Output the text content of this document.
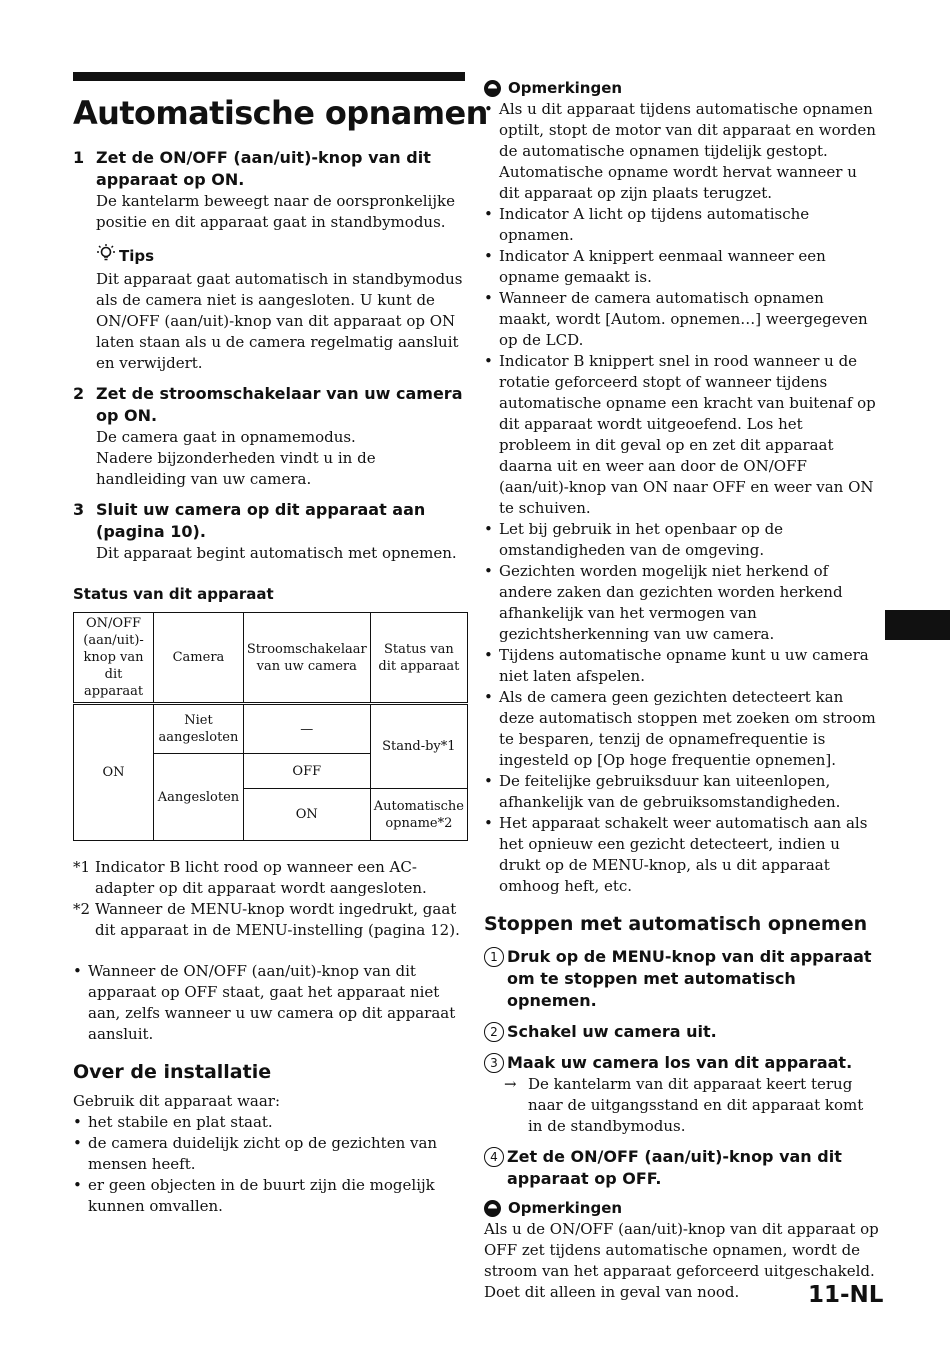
Automatische opnamen
1 Zet de ON/OFF (aan/uit)-knop van dit apparaat op ON.
De kantelarm beweegt naar de oorspronkelijke positie en dit apparaat gaat in standbymodus.
Tips
Dit apparaat gaat automatisch in standbymodus als de camera niet is aangesloten. U kunt de ON/OFF (aan/uit)-knop van dit apparaat op ON laten staan als u de camera regelmatig aansluit en verwijdert.
2 Zet de stroomschakelaar van uw camera op ON.
De camera gaat in opnamemodus.
Nadere bijzonderheden vindt u in de handleiding van uw camera.
3 Sluit uw camera op dit apparaat aan (pagina 10).
Dit apparaat begint automatisch met opnemen.
Status van dit apparaat
ON/OFF (aan/uit)-knop van dit apparaat	Camera	Stroomschakelaar van uw camera	Status van dit apparaat
ON	Niet aangesloten	—	Stand-by*1
	Aangesloten	OFF	
		ON	Automatische opname*2
*1 Indicator B licht rood op wanneer een AC-adapter op dit apparaat wordt aangesloten.
*2 Wanneer de MENU-knop wordt ingedrukt, gaat dit apparaat in de MENU-instelling (pagina 12).
• Wanneer de ON/OFF (aan/uit)-knop van dit apparaat op OFF staat, gaat het apparaat niet aan, zelfs wanneer u uw camera op dit apparaat aansluit.
Over de installatie
Gebruik dit apparaat waar:
• het stabile en plat staat.
• de camera duidelijk zicht op de gezichten van mensen heeft.
• er geen objecten in de buurt zijn die mogelijk kunnen omvallen.
Opmerkingen
• Als u dit apparaat tijdens automatische opnamen optilt, stopt de motor van dit apparaat en worden de automatische opnamen tijdelijk gestopt. Automatische opname wordt hervat wanneer u dit apparaat op zijn plaats terugzet.
• Indicator A licht op tijdens automatische opnamen.
• Indicator A knippert eenmaal wanneer een opname gemaakt is.
• Wanneer de camera automatisch opnamen maakt, wordt [Autom. opnemen…] weergegeven op de LCD.
• Indicator B knippert snel in rood wanneer u de rotatie geforceerd stopt of wanneer tijdens automatische opname een kracht van buitenaf op dit apparaat wordt uitgeoefend. Los het probleem in dit geval op en zet dit apparaat daarna uit en weer aan door de ON/OFF (aan/uit)-knop van ON naar OFF en weer van ON te schuiven.
• Let bij gebruik in het openbaar op de omstandigheden van de omgeving.
• Gezichten worden mogelijk niet herkend of andere zaken dan gezichten worden herkend afhankelijk van het vermogen van gezichtsherkenning van uw camera.
• Tijdens automatische opname kunt u uw camera niet laten afspelen.
• Als de camera geen gezichten detecteert kan deze automatisch stoppen met zoeken om stroom te besparen, tenzij de opnamefrequentie is ingesteld op [Op hoge frequentie opnemen].
• De feitelijke gebruiksduur kan uiteenlopen, afhankelijk van de gebruiksomstandigheden.
• Het apparaat schakelt weer automatisch aan als het opnieuw een gezicht detecteert, indien u drukt op de MENU-knop, als u dit apparaat omhoog heft, etc.
Stoppen met automatisch opnemen
1 Druk op de MENU-knop van dit apparaat om te stoppen met automatisch opnemen.
2 Schakel uw camera uit.
3 Maak uw camera los van dit apparaat.
→ De kantelarm van dit apparaat keert terug naar de uitgangsstand en dit apparaat komt in de standbymodus.
4 Zet de ON/OFF (aan/uit)-knop van dit apparaat op OFF.
Opmerkingen
Als u de ON/OFF (aan/uit)-knop van dit apparaat op OFF zet tijdens automatische opnamen, wordt de stroom van het apparaat geforceerd uitgeschakeld. Doet dit alleen in geval van nood.	11-NL
